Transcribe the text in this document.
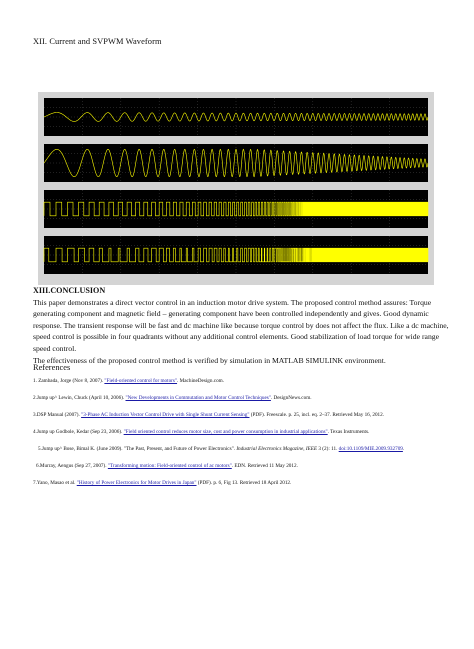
XII. Current and SVPWM Waveform

XIII.CONCLUSION

This paper demonstrates a direct vector control in an induction motor drive system. The proposed control method assures: Torque generating component and magnetic field – generating component have been controlled independently and gives. Good dynamic response. The transient response will be fast and dc machine like because torque control by does not affect the flux. Like a dc machine, speed control is possible in four quadrants without any additional control elements. Good stabilization of load torque for wide range speed control.

The effectiveness of the proposed control method is verified by simulation in MATLAB SIMULINK environment.

References
1. Zambada, Jorge (Nov 8, 2007). "Field-oriented control for motors". MachineDesign.com.
2.Jump up^ Lewin, Chuck (April 10, 2006). "New Developments in Commutation and Motor Control Techniques". DesignNews.com.
3.DSP Manual (2007). "3-Phase AC Induction Vector Control Drive with Single Shunt Current Sensing" (PDF). Freescale. p. 25, incl. eq. 2–37. Retrieved May 16, 2012.
4.Jump up Godbole, Kedar (Sep 23, 2006). "Field oriented control reduces motor size, cost and power consumption in industrial applications". Texas Instruments.
5.Jump up^ Bose, Bimal K. (June 2009). "The Past, Present, and Future of Power Electronics". Industrial Electronics Magazine, IEEE 3 (2): 11. doi:10.1109/MIE.2009.932709.
6.Murray, Aengus (Sep 27, 2007). "Transforming motion: Field-oriented control of ac motors". EDN. Retrieved 11 May 2012.
7.Yano, Masao et al. "History of Power Electronics for Motor Drives in Japan" (PDF). p. 6, Fig 13. Retrieved 18 April 2012.
